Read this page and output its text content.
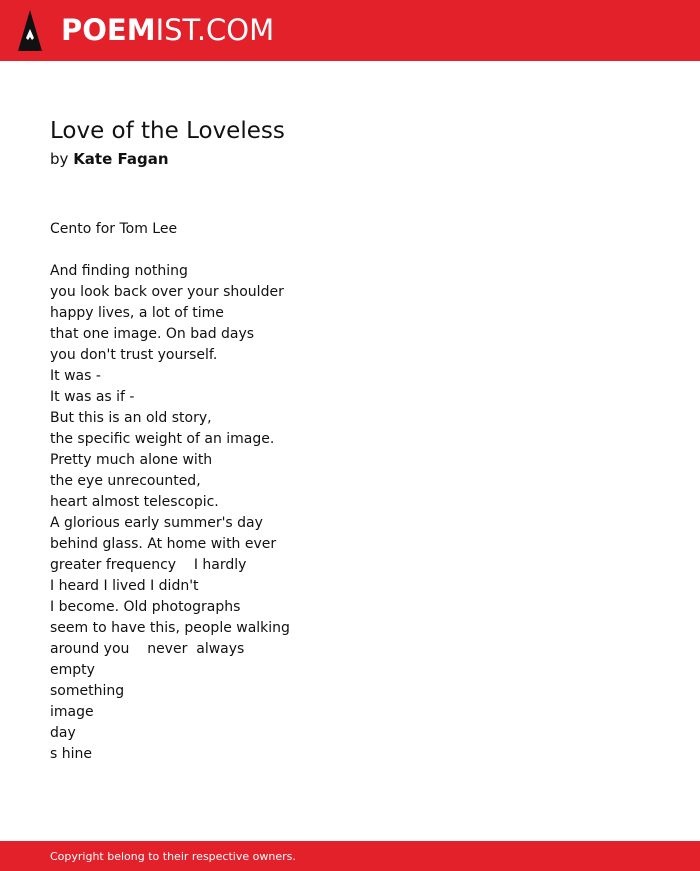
POEMIST.COM
Love of the Loveless
by Kate Fagan
Cento for Tom Lee
And finding nothing
you look back over your shoulder
happy lives, a lot of time
that one image. On bad days
you don't trust yourself.
It was -
It was as if -
But this is an old story,
the specific weight of an image.
Pretty much alone with
the eye unrecounted,
heart almost telescopic.
A glorious early summer's day
behind glass. At home with ever
greater frequency    I hardly
I heard I lived I didn't
I become. Old photographs
seem to have this, people walking
around you    never  always
empty
something
image
day
s hine
Copyright belong to their respective owners.
